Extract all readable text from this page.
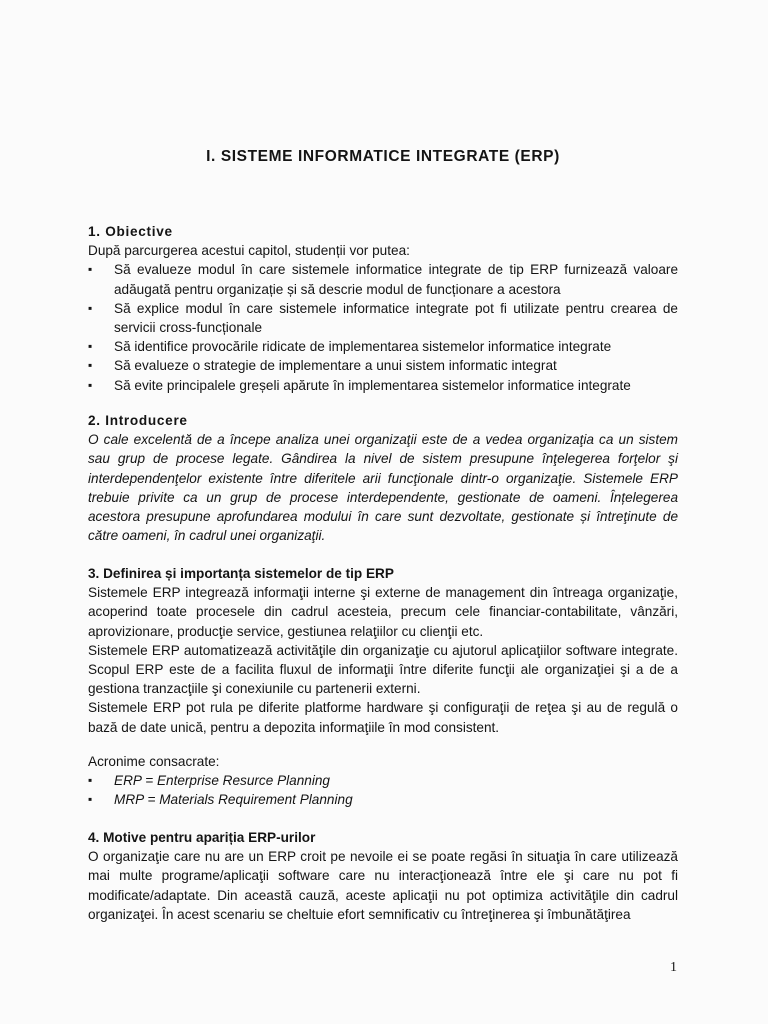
I. SISTEME INFORMATICE INTEGRATE (ERP)
1. Obiective

După parcurgerea acestui capitol, studenții vor putea:

▪ Să evalueze modul în care sistemele informatice integrate de tip ERP furnizează valoare adăugată pentru organizație și să descrie modul de funcționare a acestora
▪ Să explice modul în care sistemele informatice integrate pot fi utilizate pentru crearea de servicii cross-funcționale
▪ Să identifice provocările ridicate de implementarea sistemelor informatice integrate
▪ Să evalueze o strategie de implementare a unui sistem informatic integrat
▪ Să evite principalele greșeli apărute în implementarea sistemelor informatice integrate
2. Introducere

O cale excelentă de a începe analiza unei organizaţii este de a vedea organizaţia ca un sistem sau grup de procese legate. Gândirea la nivel de sistem presupune înţelegerea forţelor şi interdependenţelor existente între diferitele arii funcţionale dintr-o organizaţie. Sistemele ERP trebuie privite ca un grup de procese interdependente, gestionate de oameni. Înțelegerea acestora presupune aprofundarea modului în care sunt dezvoltate, gestionate și întreţinute de către oameni, în cadrul unei organizaţii.

3. Definirea și importanța sistemelor de tip ERP

Sistemele ERP integrează informaţii interne şi externe de management din întreaga organizaţie, acoperind toate procesele din cadrul acesteia, precum cele financiar-contabilitate, vânzări, aprovizionare, producţie service, gestiunea relaţiilor cu clienţii etc.

Sistemele ERP automatizează activităţile din organizaţie cu ajutorul aplicaţiilor software integrate. Scopul ERP este de a facilita fluxul de informaţii între diferite funcţii ale organizaţiei şi a de a gestiona tranzacţiile şi conexiunile cu partenerii externi.

Sistemele ERP pot rula pe diferite platforme hardware şi configuraţii de reţea şi au de regulă o bază de date unică, pentru a depozita informaţiile în mod consistent.

Acronime consacrate:

▪ ERP = Enterprise Resurce Planning
▪ MRP = Materials Requirement Planning
4. Motive pentru apariția ERP-urilor

O organizaţie care nu are un ERP croit pe nevoile ei se poate regăsi în situaţia în care utilizează mai multe programe/aplicaţii software care nu interacţionează între ele şi care nu pot fi modificate/adaptate. Din această cauză, aceste aplicaţii nu pot optimiza activităţile din cadrul organizaţei. În acest scenariu se cheltuie efort semnificativ cu întreţinerea şi îmbunătăţirea

1
